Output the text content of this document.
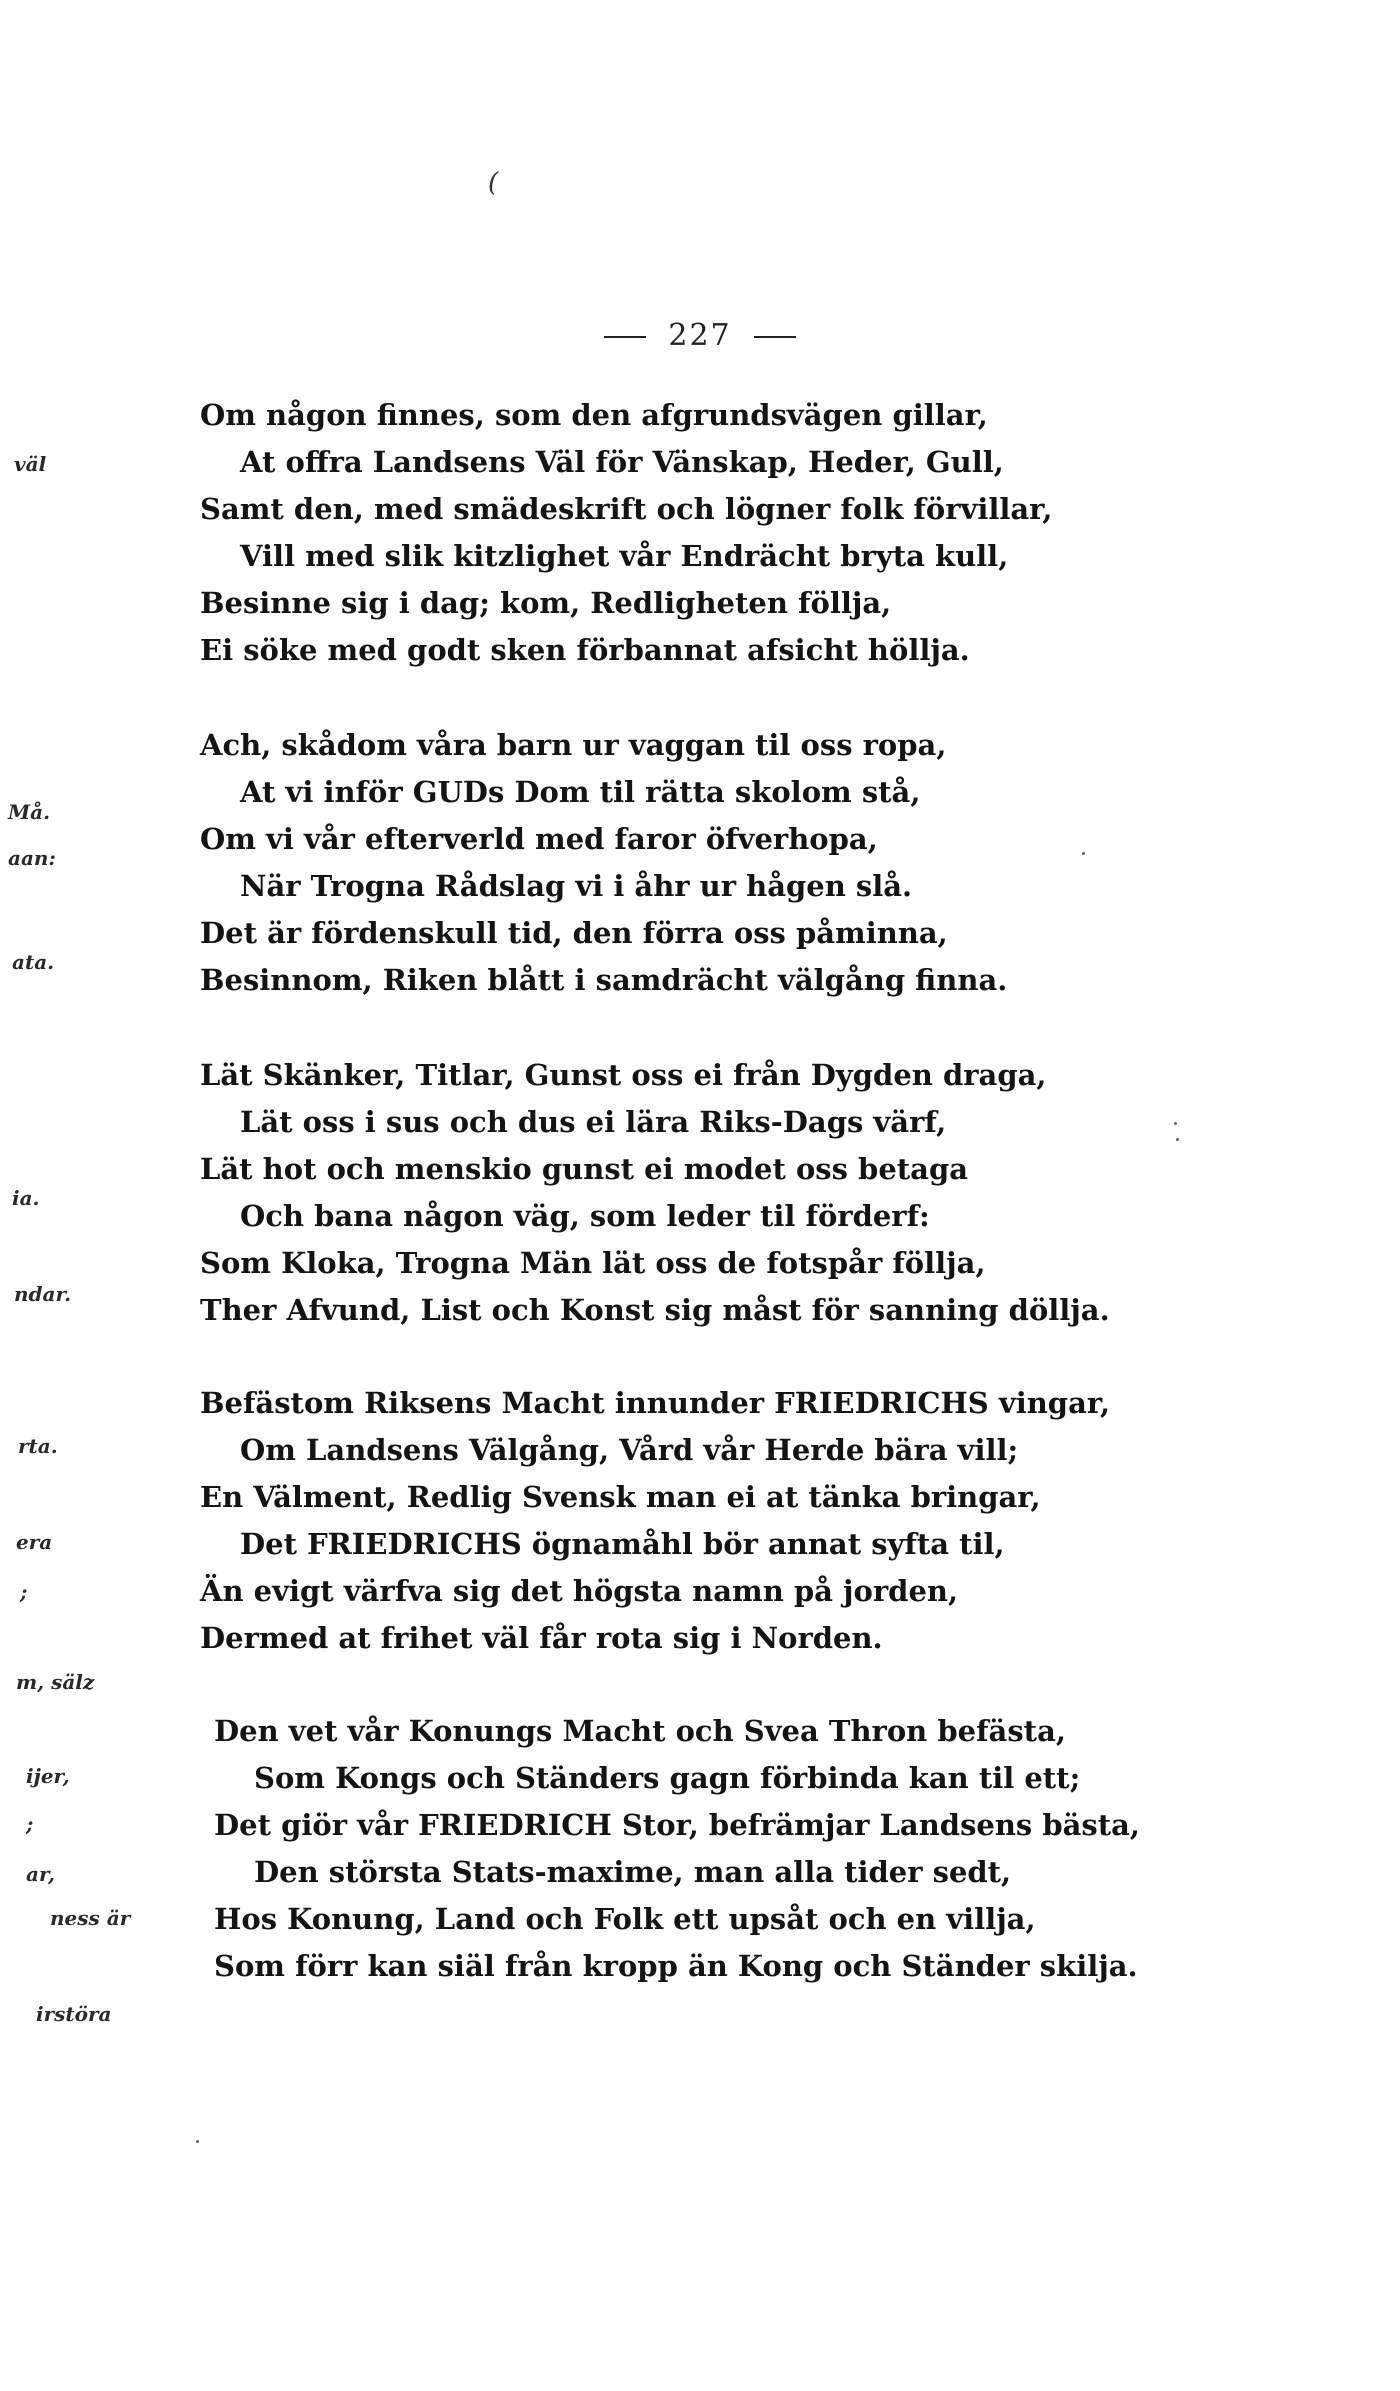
(
227
väl
Må.
aan:
ata.
ia.
ndar.
rta.
era
;
m, sälz
ijer,
;
ar,
ness är
irstöra
Om någon finnes, som den afgrundsvägen gillar,
At offra Landsens Väl för Vänskap, Heder, Gull,
Samt den, med smädeskrift och lögner folk förvillar,
Vill med slik kitzlighet vår Endrächt bryta kull,
Besinne sig i dag; kom, Redligheten föllja,
Ei söke med godt sken förbannat afsicht höllja.
Ach, skådom våra barn ur vaggan til oss ropa,
At vi inför GUDs Dom til rätta skolom stå,
Om vi vår efterverld med faror öfverhopa,
När Trogna Rådslag vi i åhr ur hågen slå.
Det är fördenskull tid, den förra oss påminna,
Besinnom, Riken blått i samdrächt välgång finna.
Lät Skänker, Titlar, Gunst oss ei från Dygden draga,
Lät oss i sus och dus ei lära Riks-Dags värf,
Lät hot och menskio gunst ei modet oss betaga
Och bana någon väg, som leder til förderf:
Som Kloka, Trogna Män lät oss de fotspår föllja,
Ther Afvund, List och Konst sig måst för sanning döllja.
Befästom Riksens Macht innunder FRIEDRICHS vingar,
Om Landsens Välgång, Vård vår Herde bära vill;
En Välment, Redlig Svensk man ei at tänka bringar,
Det FRIEDRICHS ögnamåhl bör annat syfta til,
Än evigt värfva sig det högsta namn på jorden,
Dermed at frihet väl får rota sig i Norden.
Den vet vår Konungs Macht och Svea Thron befästa,
Som Kongs och Ständers gagn förbinda kan til ett;
Det giör vår FRIEDRICH Stor, befrämjar Landsens bästa,
Den största Stats-maxime, man alla tider sedt,
Hos Konung, Land och Folk ett upsåt och en villja,
Som förr kan siäl från kropp än Kong och Ständer skilja.
